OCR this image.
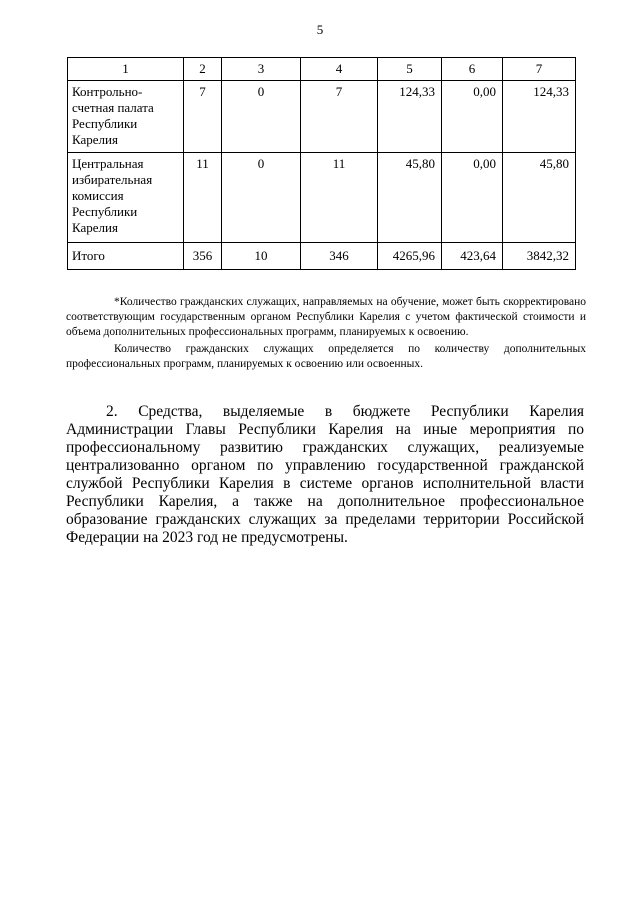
5
1	2	3	4	5	6	7
Контрольно-счетная палата Республики Карелия	7	0	7	124,33	0,00	124,33
Центральная избирательная комиссия Республики Карелия	11	0	11	45,80	0,00	45,80
Итого	356	10	346	4265,96	423,64	3842,32

*Количество гражданских служащих, направляемых на обучение, может быть скорректировано соответствующим государственным органом Республики Карелия с учетом фактической стоимости и объема дополнительных профессиональных программ, планируемых к освоению.

Количество гражданских служащих определяется по количеству дополнительных профессиональных программ, планируемых к освоению или освоенных.

2. Средства, выделяемые в бюджете Республики Карелия Администрации Главы Республики Карелия на иные мероприятия по профессиональному развитию гражданских служащих, реализуемые централизованно органом по управлению государственной гражданской службой Республики Карелия в системе органов исполнительной власти Республики Карелия, а также на дополнительное профессиональное образование гражданских служащих за пределами территории Российской Федерации на 2023 год не предусмотрены.
